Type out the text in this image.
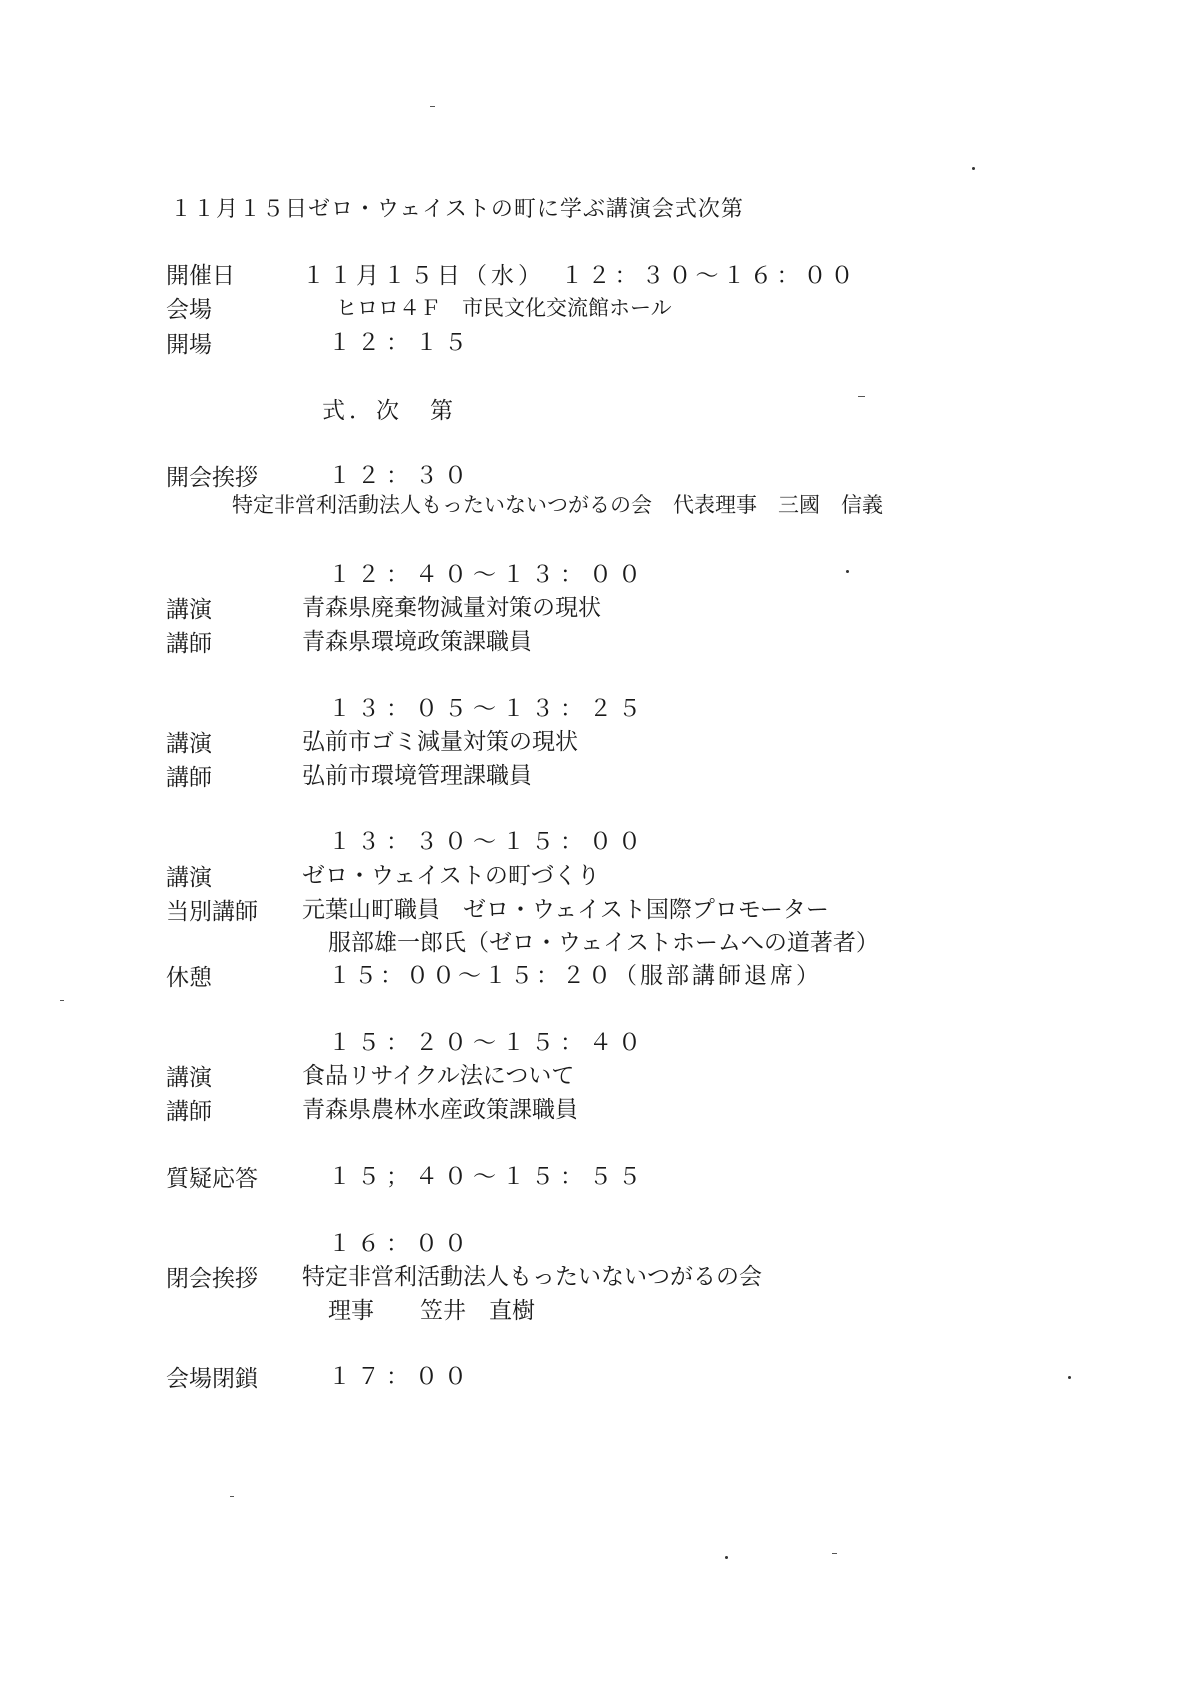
１１月１５日ゼロ・ウェイストの町に学ぶ講演会式次第
開催日	１１月１５日（水）　１２：３０～１６：００
会場	ヒロロ４Ｆ　市民文化交流館ホール
開場	１２：１５
式．次　第
開会挨拶	１２：３０
特定非営利活動法人もったいないつがるの会　代表理事　三國　信義
１２：４０～１３：００
講演	青森県廃棄物減量対策の現状
講師	青森県環境政策課職員
１３：０５～１３：２５
講演	弘前市ゴミ減量対策の現状
講師	弘前市環境管理課職員
１３：３０～１５：００
講演	ゼロ・ウェイストの町づくり
当別講師 元葉山町職員　ゼロ・ウェイスト国際プロモーター
服部雄一郎氏（ゼロ・ウェイストホームへの道著者）
休憩	１５：００～１５：２０（服部講師退席）
１５：２０～１５：４０
講演	食品リサイクル法について
講師	青森県農林水産政策課職員
質疑応答	１５；４０～１５：５５
１６：００
閉会挨拶 特定非営利活動法人もったいないつがるの会
理事　　笠井　直樹
会場閉鎖	１７：００
